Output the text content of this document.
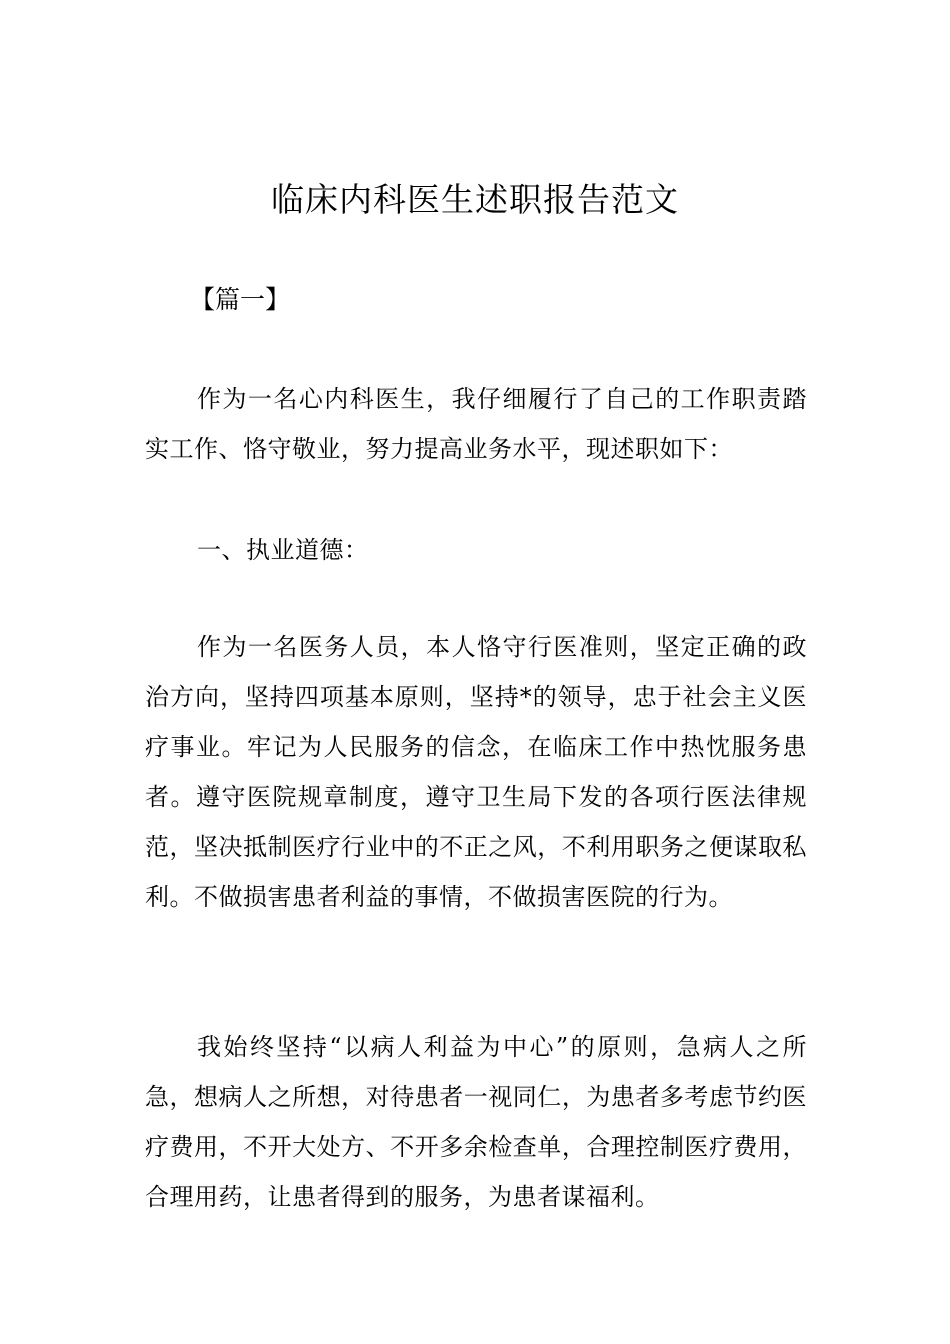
临床内科医生述职报告范文

【篇一】

作为一名心内科医生，我仔细履行了自己的工作职责踏实工作、恪守敬业，努力提高业务水平，现述职如下：

一、执业道德：

作为一名医务人员，本人恪守行医准则，坚定正确的政治方向，坚持四项基本原则，坚持*的领导，忠于社会主义医疗事业。牢记为人民服务的信念，在临床工作中热忱服务患者。遵守医院规章制度，遵守卫生局下发的各项行医法律规范，坚决抵制医疗行业中的不正之风，不利用职务之便谋取私利。不做损害患者利益的事情，不做损害医院的行为。

我始终坚持“以病人利益为中心”的原则，急病人之所急，想病人之所想，对待患者一视同仁，为患者多考虑节约医疗费用，不开大处方、不开多余检查单，合理控制医疗费用，合理用药，让患者得到的服务，为患者谋福利。
